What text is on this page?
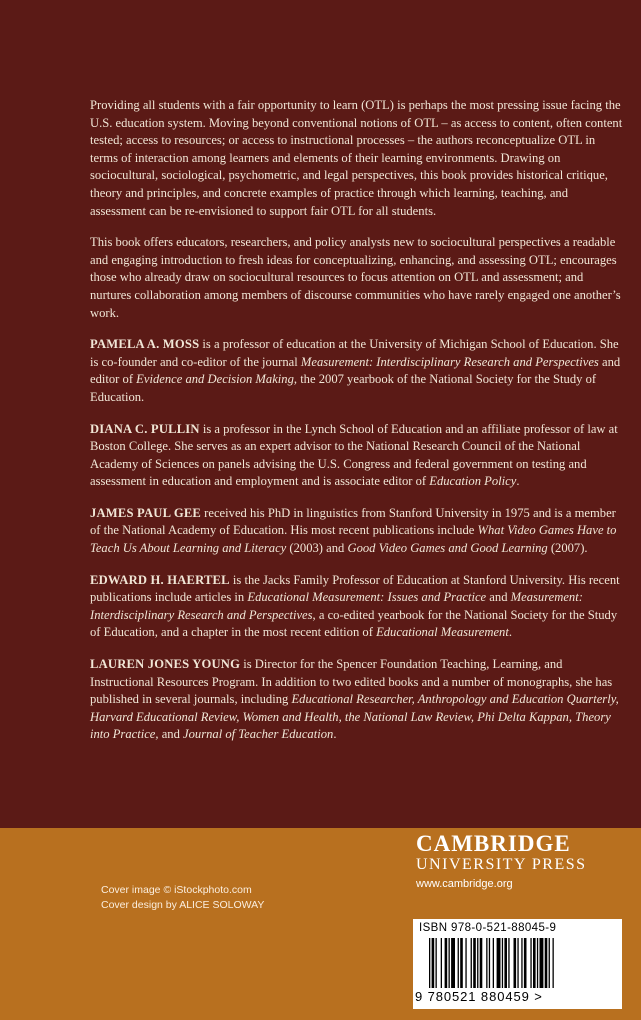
Providing all students with a fair opportunity to learn (OTL) is perhaps the most pressing issue facing the U.S. education system. Moving beyond conventional notions of OTL – as access to content, often content tested; access to resources; or access to instructional processes – the authors reconceptualize OTL in terms of interaction among learners and elements of their learning environments. Drawing on sociocultural, sociological, psychometric, and legal perspectives, this book provides historical critique, theory and principles, and concrete examples of practice through which learning, teaching, and assessment can be re-envisioned to support fair OTL for all students.

This book offers educators, researchers, and policy analysts new to sociocultural perspectives a readable and engaging introduction to fresh ideas for conceptualizing, enhancing, and assessing OTL; encourages those who already draw on sociocultural resources to focus attention on OTL and assessment; and nurtures collaboration among members of discourse communities who have rarely engaged one another’s work.

PAMELA A. MOSS is a professor of education at the University of Michigan School of Education. She is co-founder and co-editor of the journal Measurement: Interdisciplinary Research and Perspectives and editor of Evidence and Decision Making, the 2007 yearbook of the National Society for the Study of Education.

DIANA C. PULLIN is a professor in the Lynch School of Education and an affiliate professor of law at Boston College. She serves as an expert advisor to the National Research Council of the National Academy of Sciences on panels advising the U.S. Congress and federal government on testing and assessment in education and employment and is associate editor of Education Policy.

JAMES PAUL GEE received his PhD in linguistics from Stanford University in 1975 and is a member of the National Academy of Education. His most recent publications include What Video Games Have to Teach Us About Learning and Literacy (2003) and Good Video Games and Good Learning (2007).

EDWARD H. HAERTEL is the Jacks Family Professor of Education at Stanford University. His recent publications include articles in Educational Measurement: Issues and Practice and Measurement: Interdisciplinary Research and Perspectives, a co-edited yearbook for the National Society for the Study of Education, and a chapter in the most recent edition of Educational Measurement.

LAUREN JONES YOUNG is Director for the Spencer Foundation Teaching, Learning, and Instructional Resources Program. In addition to two edited books and a number of monographs, she has published in several journals, including Educational Researcher, Anthropology and Education Quarterly, Harvard Educational Review, Women and Health, the National Law Review, Phi Delta Kappan, Theory into Practice, and Journal of Teacher Education.

CAMBRIDGE
UNIVERSITY PRESS
www.cambridge.org
Cover image © iStockphoto.com
Cover design by ALICE SOLOWAY
ISBN 978-0-521-88045-9
9 780521 880459 >
